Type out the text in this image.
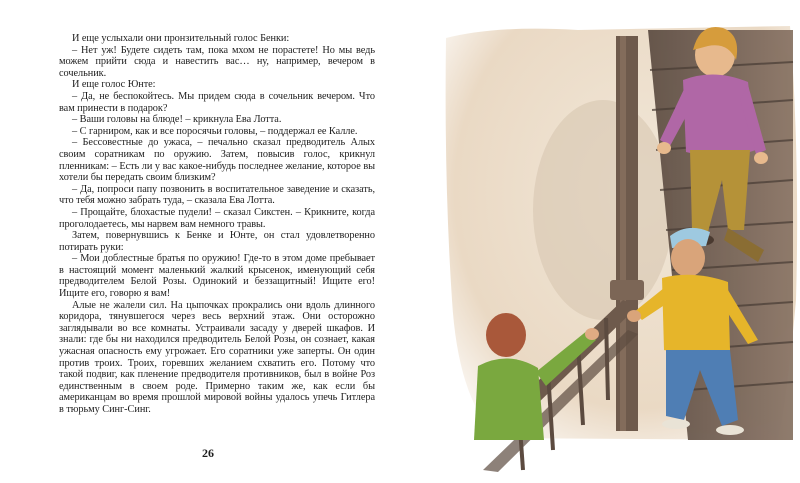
И еще услыхали они пронзительный голос Бенки:

– Нет уж! Будете сидеть там, пока мхом не порастете! Но мы ведь можем прийти сюда и навестить вас… ну, например, вечером в сочельник.

И еще голос Юнте:

– Да, не беспокойтесь. Мы придем сюда в сочельник вечером. Что вам принести в подарок?

– Ваши головы на блюде! – крикнула Ева Лотта.

– С гарниром, как и все поросячьи головы, – поддержал ее Калле.

– Бессовестные до ужаса, – печально сказал предводитель Алых своим соратникам по оружию. Затем, повысив голос, крикнул пленникам: – Есть ли у вас какое-нибудь последнее желание, которое вы хотели бы передать своим близким?

– Да, попроси папу позвонить в воспитательное заведение и сказать, что тебя можно забрать туда, – сказала Ева Лотта.

– Прощайте, блохастые пудели! – сказал Сикстен. – Крикните, когда проголодаетесь, мы нарвем вам немного травы.

Затем, повернувшись к Бенке и Юнте, он стал удовлетворенно потирать руки:

– Мои доблестные братья по оружию! Где-то в этом доме пребывает в настоящий момент маленький жалкий крысенок, именующий себя предводителем Белой Розы. Одинокий и беззащитный! Ищите его! Ищите его, говорю я вам!

Алые не жалели сил. На цыпочках прокрались они вдоль длинного коридора, тянувшегося через весь верхний этаж. Они осторожно заглядывали во все комнаты. Устраивали засаду у дверей шкафов. И знали: где бы ни находился предводитель Белой Розы, он сознает, какая ужасная опасность ему угрожает. Его соратники уже заперты. Он один против троих. Троих, горевших желанием схватить его. Потому что такой подвиг, как пленение предводителя противников, был в войне Роз единственным в своем роде. Примерно таким же, как если бы американцам во время прошлой мировой войны удалось упечь Гитлера в тюрьму Синг-Синг.

26
